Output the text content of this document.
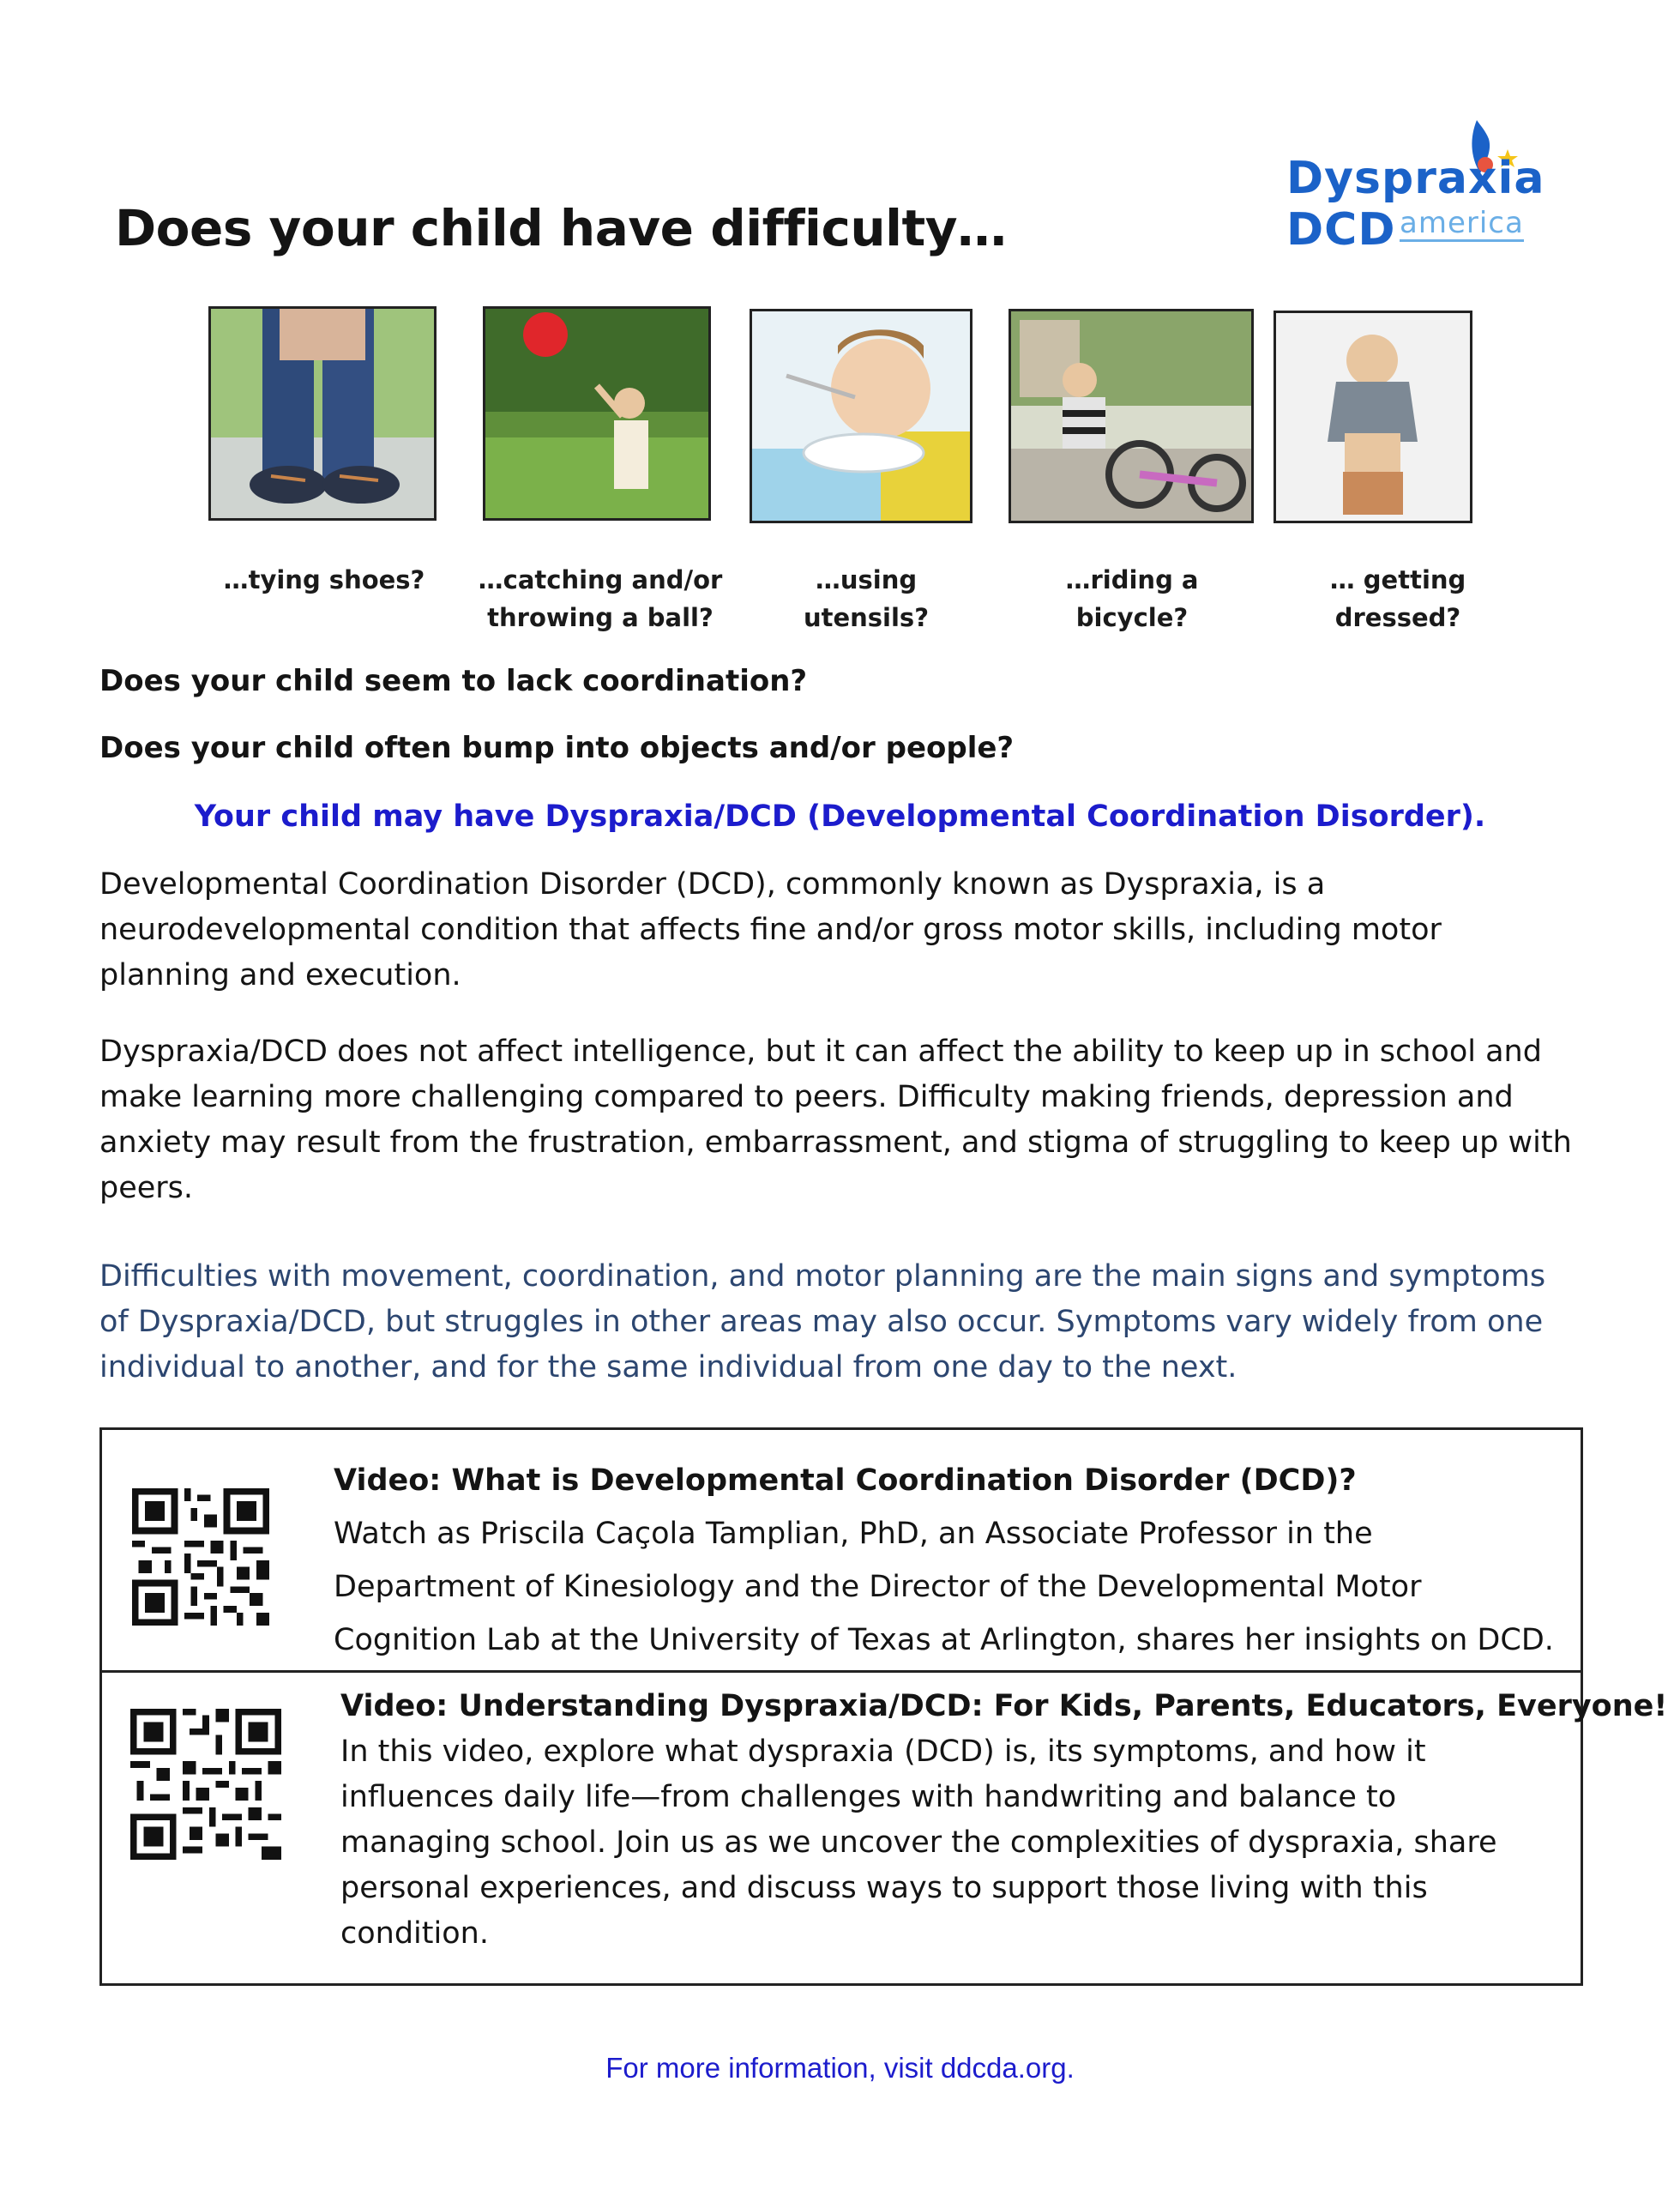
Does your child have difficulty…
Dyspraxia
DCD america
…tying shoes? …catching and/or
throwing a ball?
…using utensils?
…riding a bicycle?
… getting dressed?
Does your child seem to lack coordination?
Does your child often bump into objects and/or people?
Your child may have Dyspraxia/DCD (Developmental Coordination Disorder).
Developmental Coordination Disorder (DCD), commonly known as Dyspraxia, is a
neurodevelopmental condition that affects fine and/or gross motor skills, including motor
planning and execution.
Dyspraxia/DCD does not affect intelligence, but it can affect the ability to keep up in school and
make learning more challenging compared to peers. Difficulty making friends, depression and
anxiety may result from the frustration, embarrassment, and stigma of struggling to keep up with
peers.
Difficulties with movement, coordination, and motor planning are the main signs and symptoms
of Dyspraxia/DCD, but struggles in other areas may also occur. Symptoms vary widely from one
individual to another, and for the same individual from one day to the next.
Video: What is Developmental Coordination Disorder (DCD)?
Watch as Priscila Caçola Tamplian, PhD, an Associate Professor in the
Department of Kinesiology and the Director of the Developmental Motor
Cognition Lab at the University of Texas at Arlington, shares her insights on DCD.
Video: Understanding Dyspraxia/DCD: For Kids, Parents, Educators, Everyone!
In this video, explore what dyspraxia (DCD) is, its symptoms, and how it
influences daily life—from challenges with handwriting and balance to
managing school. Join us as we uncover the complexities of dyspraxia, share
personal experiences, and discuss ways to support those living with this
condition.
For more information, visit ddcda.org.
